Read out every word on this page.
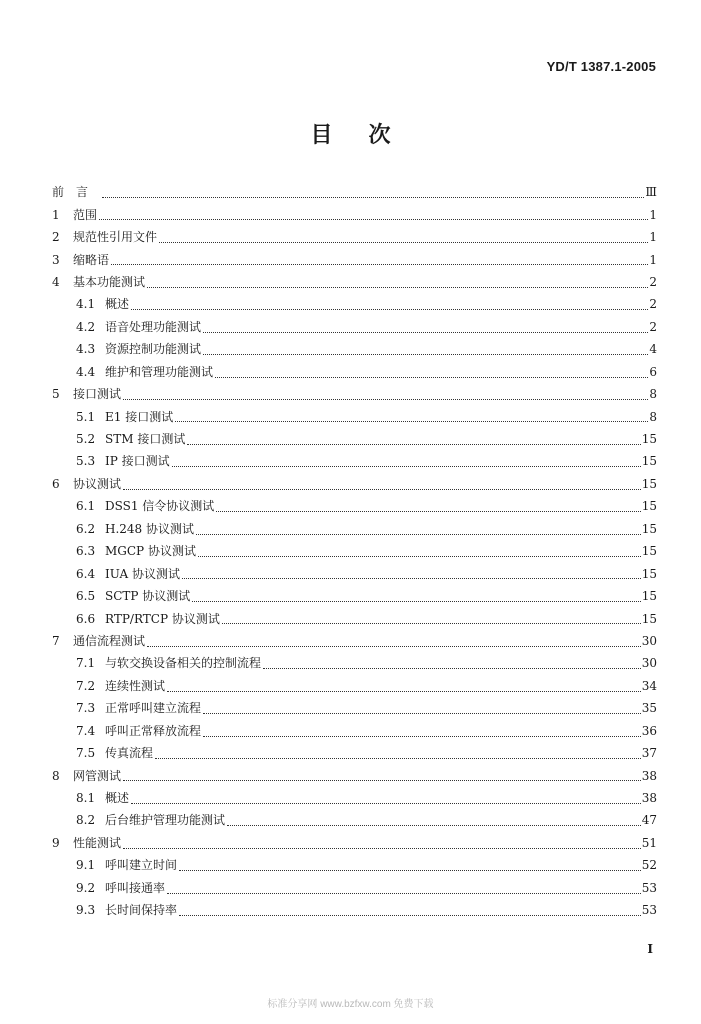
YD/T 1387.1-2005
目次
前言	Ⅲ
1	范围	1
2	规范性引用文件	1
3	缩略语	1
4	基本功能测试	2
4.1 概述	2
4.2 语音处理功能测试	2
4.3 资源控制功能测试	4
4.4 维护和管理功能测试	6
5	接口测试	8
5.1 E1 接口测试	8
5.2 STM 接口测试	15
5.3 IP 接口测试	15
6	协议测试	15
6.1 DSS1 信令协议测试	15
6.2 H.248 协议测试	15
6.3 MGCP 协议测试	15
6.4 IUA 协议测试	15
6.5 SCTP 协议测试	15
6.6 RTP/RTCP 协议测试	15
7	通信流程测试	30
7.1 与软交换设备相关的控制流程	30
7.2 连续性测试	34
7.3 正常呼叫建立流程	35
7.4 呼叫正常释放流程	36
7.5 传真流程	37
8	网管测试	38
8.1 概述	38
8.2 后台维护管理功能测试	47
9	性能测试	51
9.1 呼叫建立时间	52
9.2 呼叫接通率	53
9.3 长时间保持率	53
I
标准分享网 www.bzfxw.com 免费下载
